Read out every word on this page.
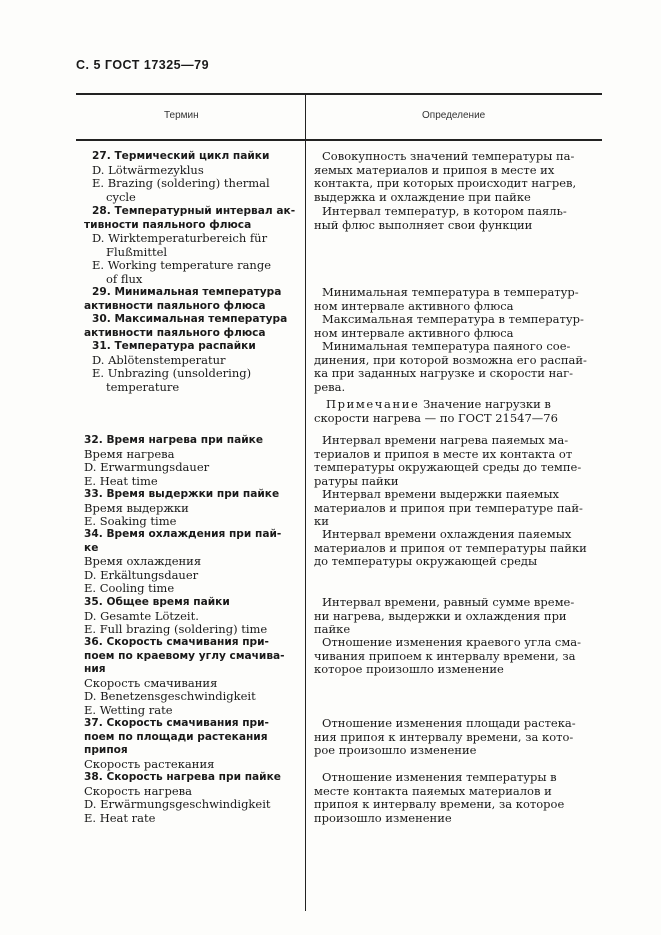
С. 5 ГОСТ 17325—79
Термин	Определение
27. Термический цикл пайки
D. Lötwärmezyklus
E. Brazing (soldering) thermal
cycle
28. Температурный интервал ак-
тивности паяльного флюса
D. Wirktemperaturbereich für
Flußmittel
E. Working temperature range
of flux
29. Минимальная температура
активности паяльного флюса
30. Максимальная температура
активности паяльного флюса
31. Температура распайки
D. Ablötenstemperatur
E. Unbrazing (unsoldering)
temperature
32. Время нагрева при пайке
Время нагрева
D. Erwarmungsdauer
E. Heat time
33. Время выдержки при пайке
Время выдержки
E. Soaking time
34. Время охлаждения при пай-
ке
Время охлаждения
D. Erkältungsdauer
E. Cooling time
35. Общее время пайки
D. Gesamte Lötzeit.
E. Full brazing (soldering) time
36. Скорость смачивания при-
поем по краевому углу смачива-
ния
Скорость смачивания
D. Benetzensgeschwindigkeit
E. Wetting rate
37. Скорость смачивания при-
поем по площади растекания
припоя
Скорость растекания
38. Скорость нагрева при пайке
Скорость нагрева
D. Erwärmungsgeschwindigkeit
E. Heat rate
Совокупность значений температуры па-
яемых материалов и припоя в месте их
контакта, при которых происходит нагрев,
выдержка и охлаждение при пайке
Интервал температур, в котором паяль-
ный флюс выполняет свои функции
Минимальная температура в температур-
ном интервале активного флюса
Максимальная температура в температур-
ном интервале активного флюса
Минимальная температура паяного сое-
динения, при которой возможна его распай-
ка при заданных нагрузке и скорости наг-
рева.
Примечание Значение нагрузки в
скорости нагрева — по ГОСТ 21547—76
Интервал времени нагрева паяемых ма-
териалов и припоя в месте их контакта от
температуры окружающей среды до темпе-
ратуры пайки
Интервал времени выдержки паяемых
материалов и припоя при температуре пай-
ки
Интервал времени охлаждения паяемых
материалов и припоя от температуры пайки
до температуры окружающей среды
Интервал времени, равный сумме време-
ни нагрева, выдержки и охлаждения при
пайке
Отношение изменения краевого угла сма-
чивания припоем к интервалу времени, за
которое произошло изменение
Отношение изменения площади растека-
ния припоя к интервалу времени, за кото-
рое произошло изменение
Отношение изменения температуры в
месте контакта паяемых материалов и
припоя к интервалу времени, за которое
произошло изменение
